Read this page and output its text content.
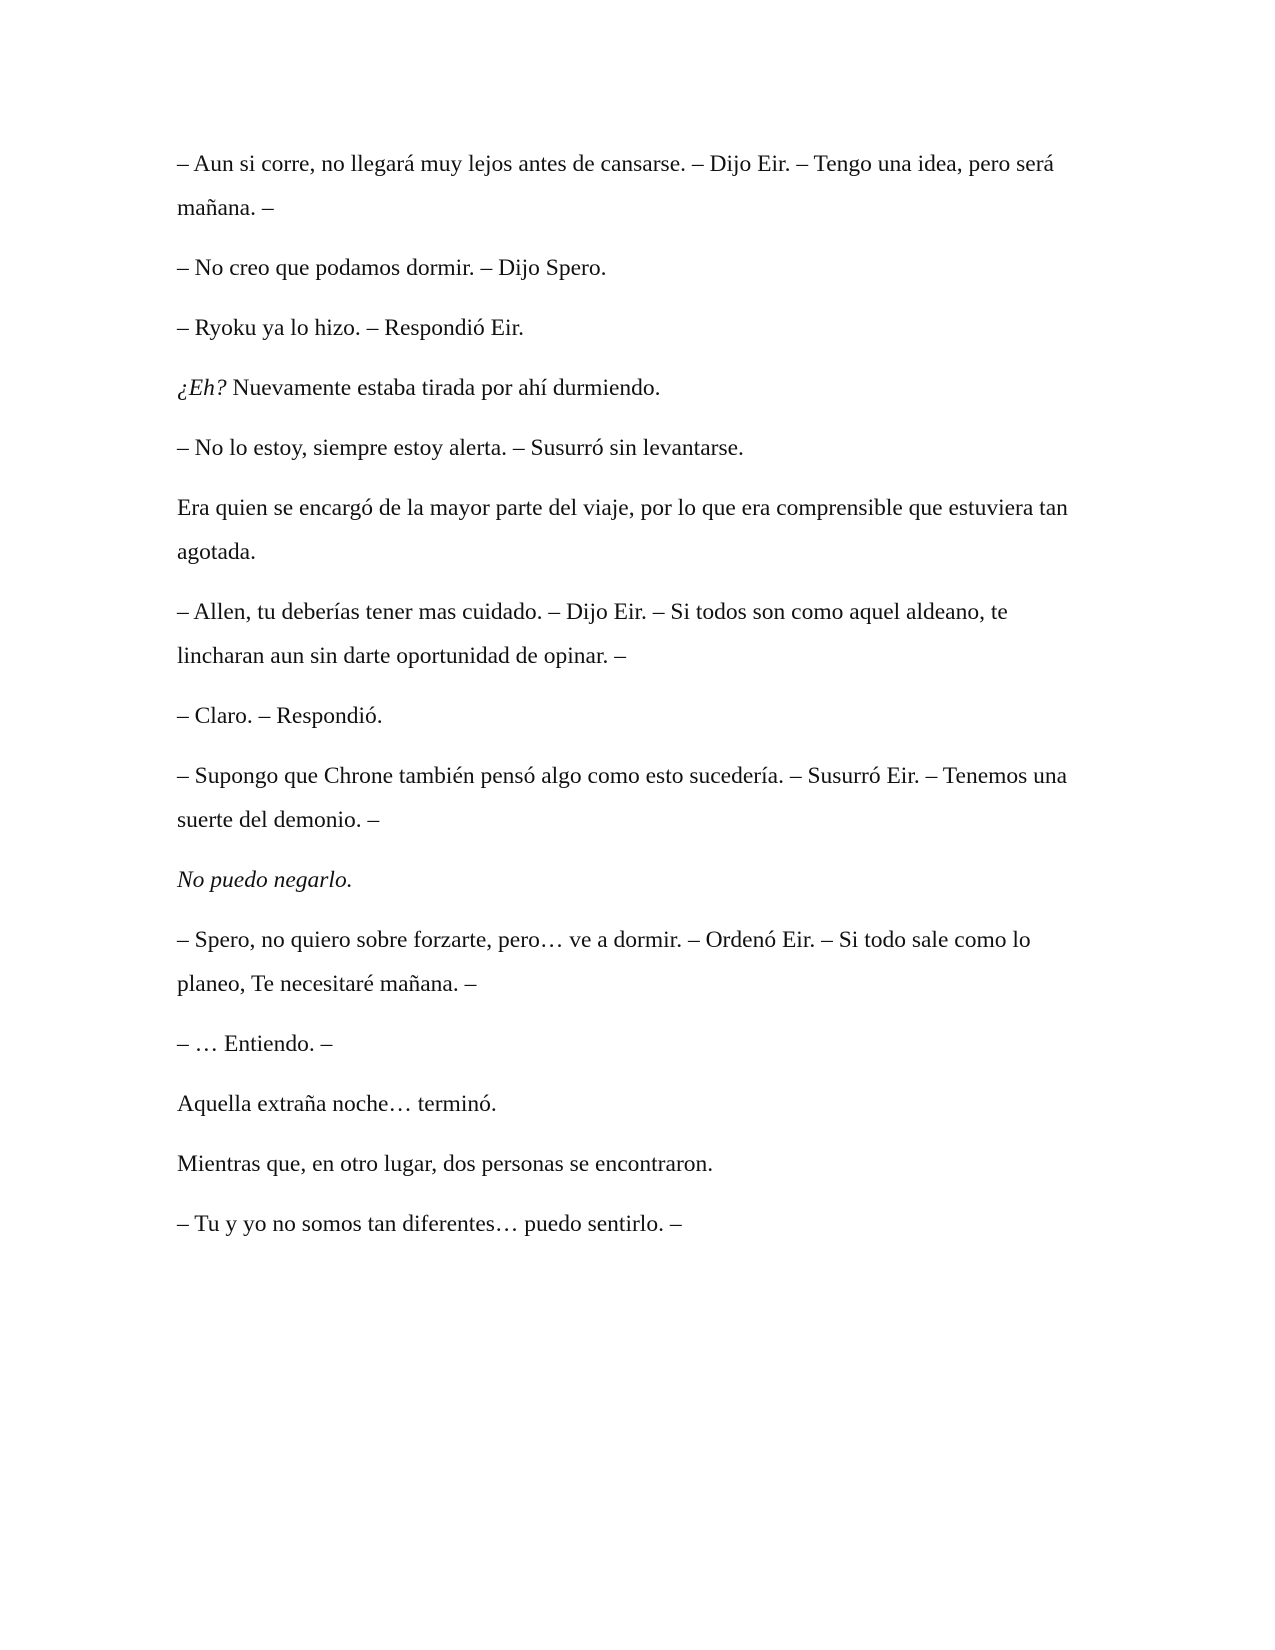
– Aun si corre, no llegará muy lejos antes de cansarse. – Dijo Eir. – Tengo una idea, pero será mañana. –

– No creo que podamos dormir. – Dijo Spero.

– Ryoku ya lo hizo. – Respondió Eir.

¿Eh? Nuevamente estaba tirada por ahí durmiendo.

– No lo estoy, siempre estoy alerta. – Susurró sin levantarse.

Era quien se encargó de la mayor parte del viaje, por lo que era comprensible que estuviera tan agotada.

– Allen, tu deberías tener mas cuidado. – Dijo Eir. – Si todos son como aquel aldeano, te lincharan aun sin darte oportunidad de opinar. –

– Claro. – Respondió.

– Supongo que Chrone también pensó algo como esto sucedería. – Susurró Eir. – Tenemos una suerte del demonio. –

No puedo negarlo.

– Spero, no quiero sobre forzarte, pero… ve a dormir. – Ordenó Eir. – Si todo sale como lo planeo, Te necesitaré mañana. –

– … Entiendo. –

Aquella extraña noche… terminó.

Mientras que, en otro lugar, dos personas se encontraron.

– Tu y yo no somos tan diferentes… puedo sentirlo. –
